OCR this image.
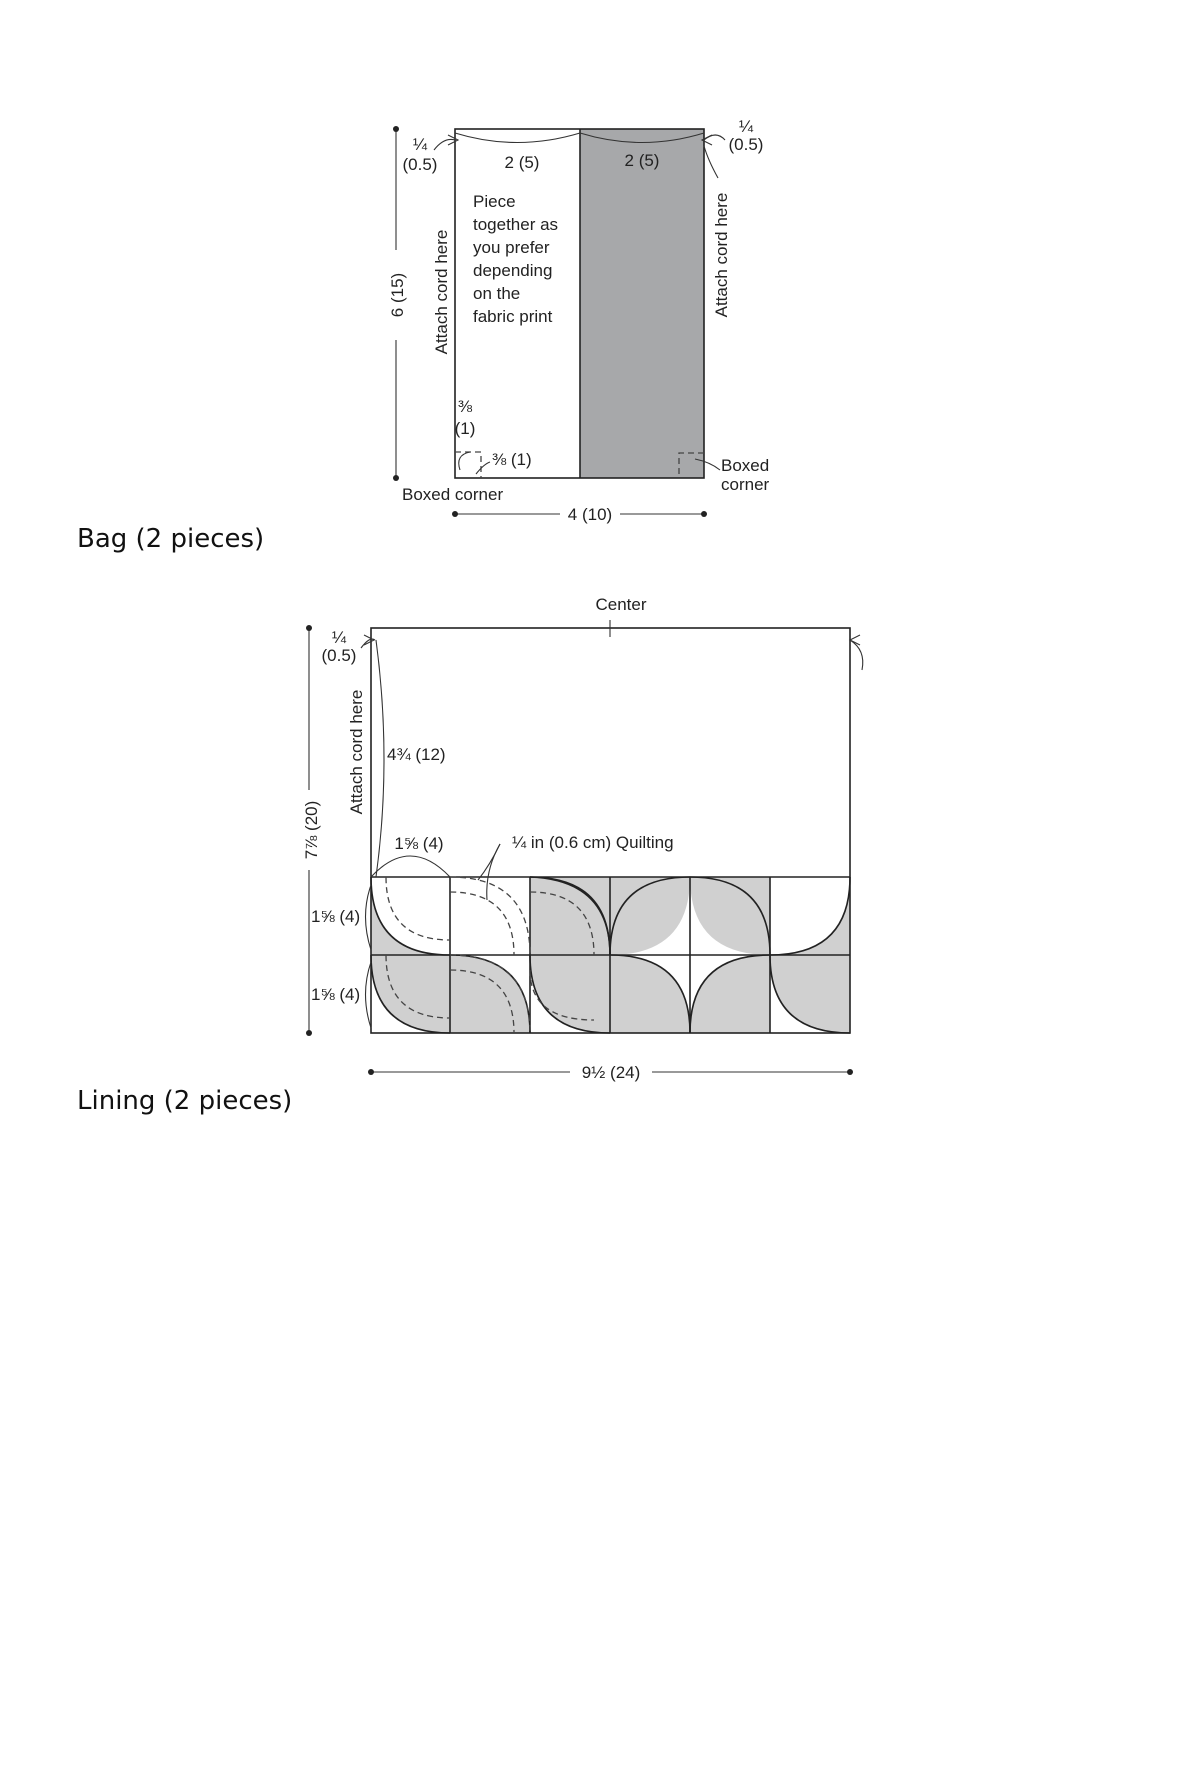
¼
(0.5)
¼
(0.5)
2 (5)	2 (5)
Piece
together as
you prefer
depending
on the
fabric print
Attach cord here	Attach cord here
6 (15)
⅜
(1)
⅜ (1)
Boxed corner
Boxed
corner
4 (10)
Bag (2 pieces)
Center
¼
(0.5)
Attach cord here 4¾ (12)
7⅞ (20)	1⅝ (4)	¼ in (0.6 cm) Quilting
1⅝ (4)
1⅝ (4)
9½ (24)
Lining (2 pieces)
